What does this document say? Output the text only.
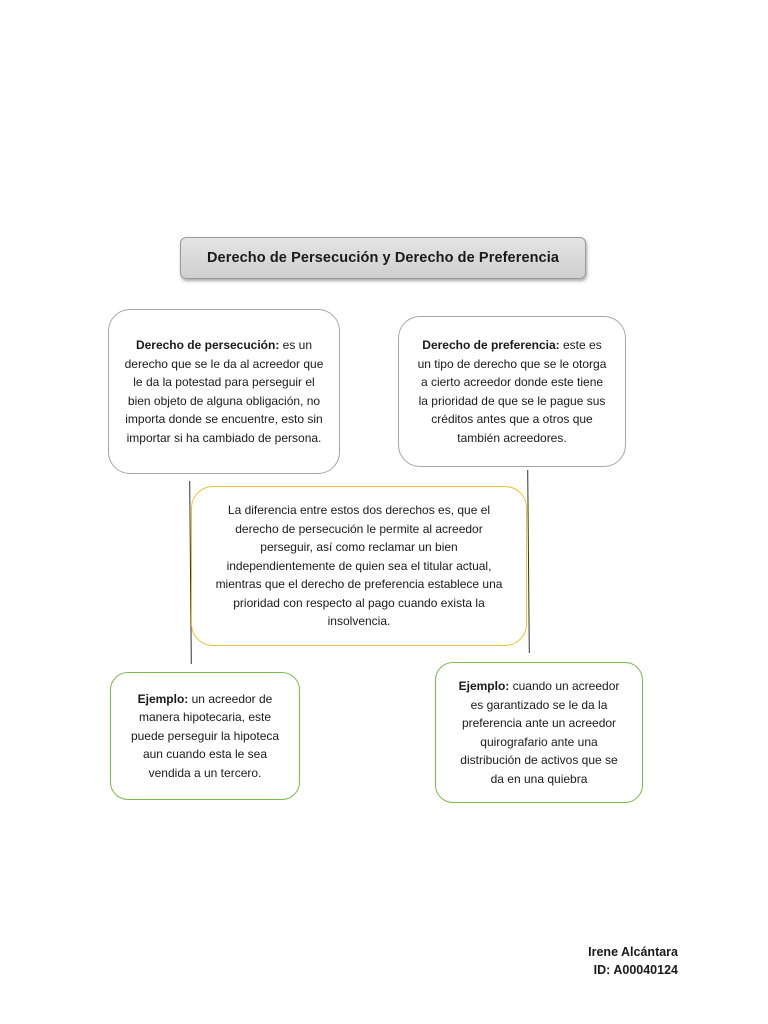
Derecho de Persecución y Derecho de Preferencia

Derecho de persecución: es un derecho que se le da al acreedor que le da la potestad para perseguir el bien objeto de alguna obligación, no importa donde se encuentre, esto sin importar si ha cambiado de persona.

Derecho de preferencia: este es un tipo de derecho que se le otorga a cierto acreedor donde este tiene la prioridad de que se le pague sus créditos antes que a otros que también acreedores.

La diferencia entre estos dos derechos es, que el derecho de persecución le permite al acreedor perseguir, así como reclamar un bien independientemente de quien sea el titular actual, mientras que el derecho de preferencia establece una prioridad con respecto al pago cuando exista la insolvencia.

Ejemplo: un acreedor de manera hipotecaria, este puede perseguir la hipoteca aun cuando esta le sea vendida a un tercero.

Ejemplo: cuando un acreedor es garantizado se le da la preferencia ante un acreedor quirografario ante una distribución de activos que se da en una quiebra

Irene Alcántara
ID: A00040124
